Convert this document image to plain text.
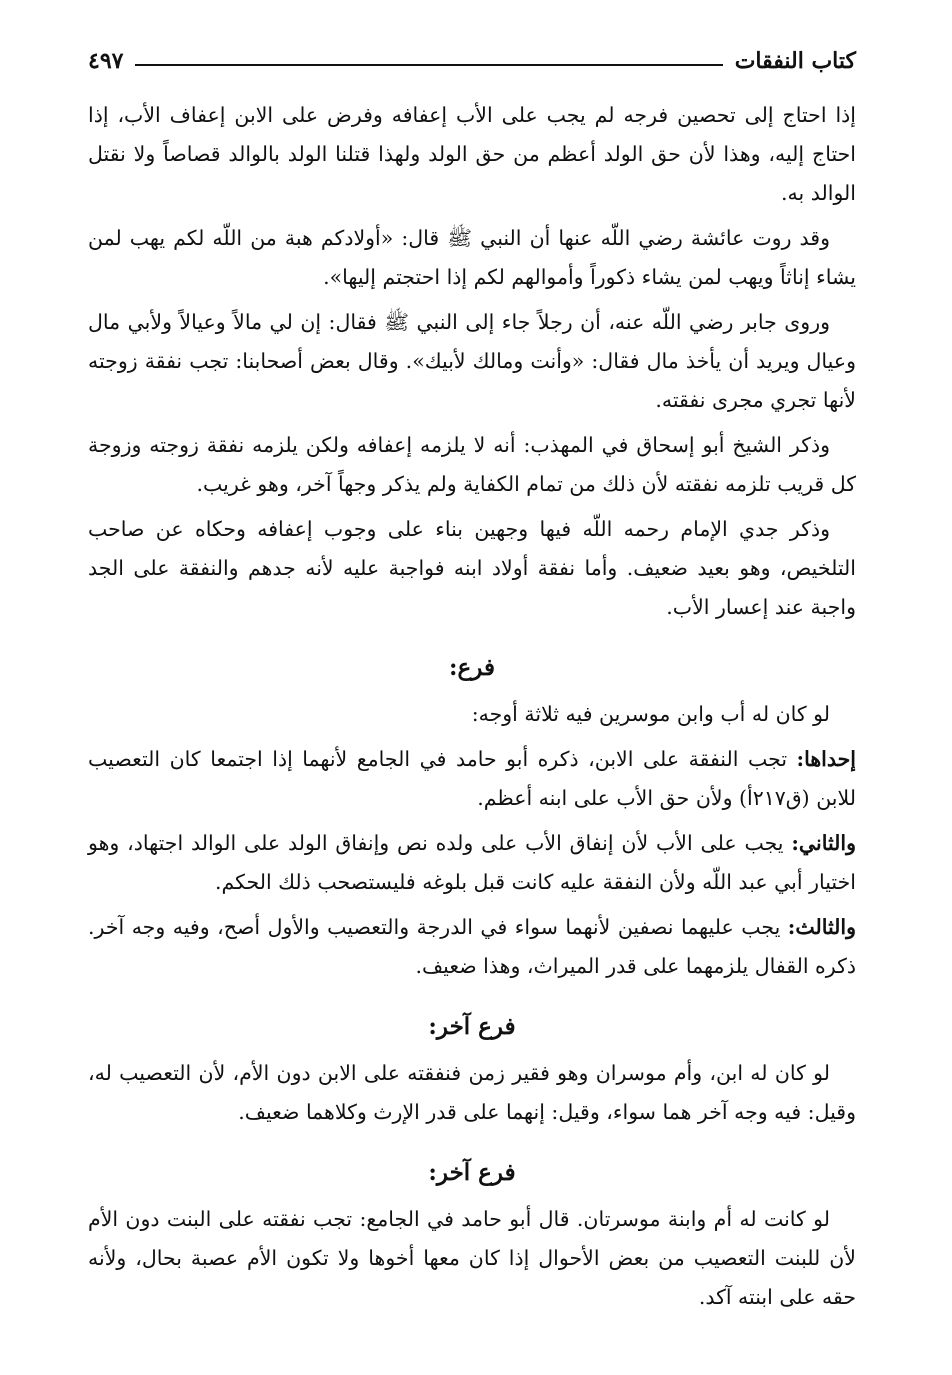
كتاب النفقات
٤٩٧

إذا احتاج إلى تحصين فرجه لم يجب على الأب إعفافه وفرض على الابن إعفاف الأب، إذا احتاج إليه، وهذا لأن حق الولد أعظم من حق الولد ولهذا قتلنا الولد بالوالد قصاصاً ولا نقتل الوالد به.

وقد روت عائشة رضي اللّه عنها أن النبي ﷺ قال: «أولادكم هبة من اللّه لكم يهب لمن يشاء إناثاً ويهب لمن يشاء ذكوراً وأموالهم لكم إذا احتجتم إليها».

وروى جابر رضي اللّه عنه، أن رجلاً جاء إلى النبي ﷺ فقال: إن لي مالاً وعيالاً ولأبي مال وعيال ويريد أن يأخذ مال فقال: «وأنت ومالك لأبيك». وقال بعض أصحابنا: تجب نفقة زوجته لأنها تجري مجرى نفقته.

وذكر الشيخ أبو إسحاق في المهذب: أنه لا يلزمه إعفافه ولكن يلزمه نفقة زوجته وزوجة كل قريب تلزمه نفقته لأن ذلك من تمام الكفاية ولم يذكر وجهاً آخر، وهو غريب.

وذكر جدي الإمام رحمه اللّه فيها وجهين بناء على وجوب إعفافه وحكاه عن صاحب التلخيص، وهو بعيد ضعيف. وأما نفقة أولاد ابنه فواجبة عليه لأنه جدهم والنفقة على الجد واجبة عند إعسار الأب.

فرع:

لو كان له أب وابن موسرين فيه ثلاثة أوجه:

إحداها: تجب النفقة على الابن، ذكره أبو حامد في الجامع لأنهما إذا اجتمعا كان التعصيب للابن (ق٢١٧أ) ولأن حق الأب على ابنه أعظم.

والثاني: يجب على الأب لأن إنفاق الأب على ولده نص وإنفاق الولد على الوالد اجتهاد، وهو اختيار أبي عبد اللّه ولأن النفقة عليه كانت قبل بلوغه فليستصحب ذلك الحكم.

والثالث: يجب عليهما نصفين لأنهما سواء في الدرجة والتعصيب والأول أصح، وفيه وجه آخر. ذكره القفال يلزمهما على قدر الميراث، وهذا ضعيف.

فرع آخر:

لو كان له ابن، وأم موسران وهو فقير زمن فنفقته على الابن دون الأم، لأن التعصيب له، وقيل: فيه وجه آخر هما سواء، وقيل: إنهما على قدر الإرث وكلاهما ضعيف.

فرع آخر:

لو كانت له أم وابنة موسرتان. قال أبو حامد في الجامع: تجب نفقته على البنت دون الأم لأن للبنت التعصيب من بعض الأحوال إذا كان معها أخوها ولا تكون الأم عصبة بحال، ولأنه حقه على ابنته آكد.
